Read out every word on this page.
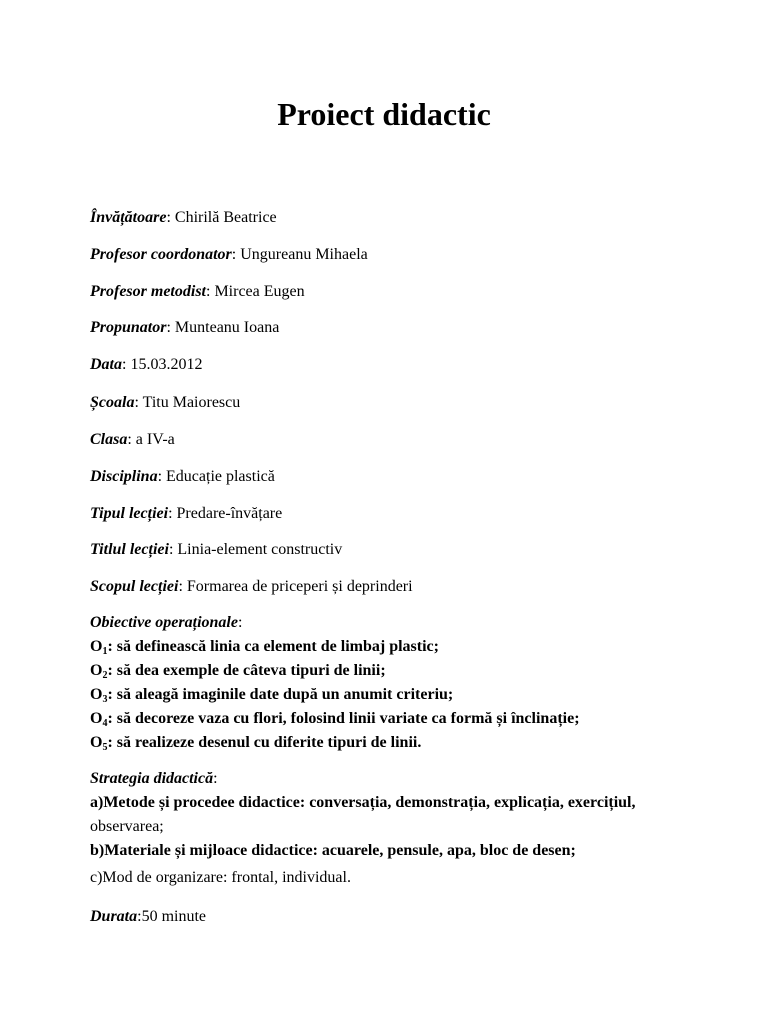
Proiect didactic
Învățătoare: Chirilă Beatrice
Profesor coordonator: Ungureanu Mihaela
Profesor metodist: Mircea Eugen
Propunator: Munteanu Ioana
Data: 15.03.2012
Școala: Titu Maiorescu
Clasa: a IV-a
Disciplina: Educație plastică
Tipul lecției: Predare-învățare
Titlul lecției: Linia-element constructiv
Scopul lecției: Formarea de priceperi și deprinderi
Obiective operaționale:
$O_1$: să definească linia ca element de limbaj plastic;
$O_2$: să dea exemple de câteva tipuri de linii;
$O_3$: să aleagă imaginile date după un anumit criteriu;
$O_4$: să decoreze vaza cu flori, folosind linii variate ca formă și înclinație;
$O_5$: să realizeze desenul cu diferite tipuri de linii.
Strategia didactică:
a)Metode și procedee didactice: conversația, demonstrația, explicația, exercițiul,
observarea;
b)Materiale și mijloace didactice: acuarele, pensule, apa, bloc de desen;
c)Mod de organizare: frontal, individual.
Durata:50 minute
